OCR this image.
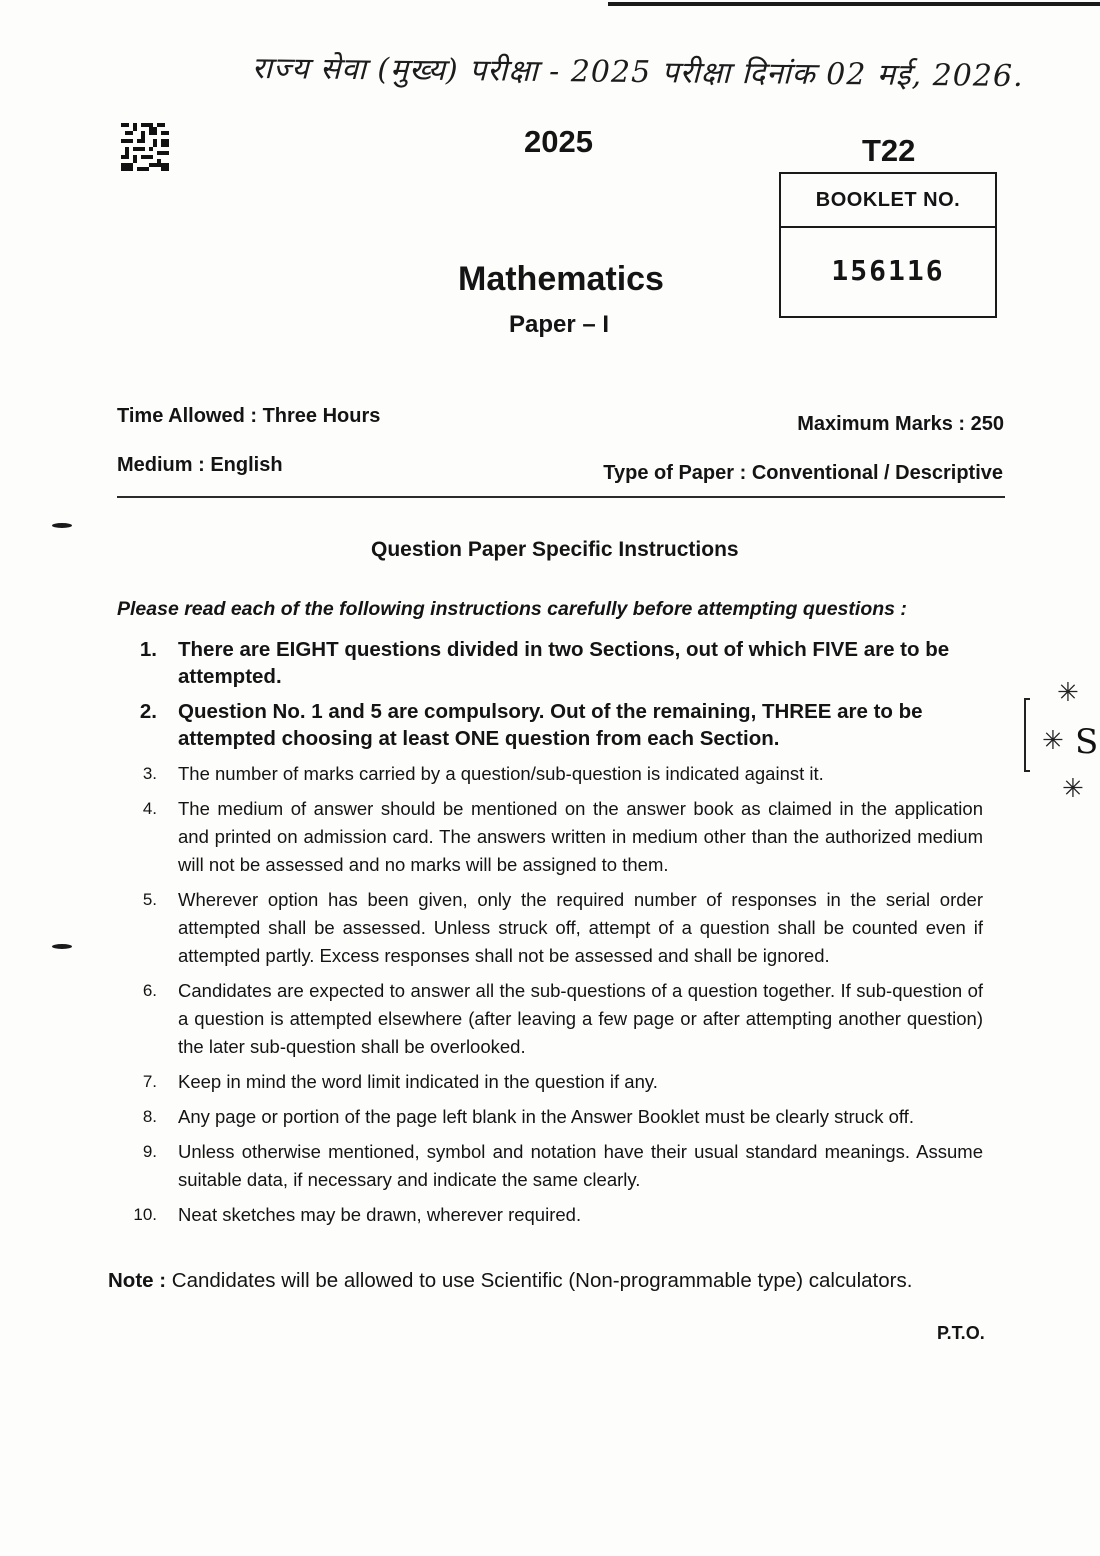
राज्य सेवा (मुख्य) परीक्षा - 2025 परीक्षा दिनांक 02 मई, 2026.
2025	T22
BOOKLET NO.
156116
Mathematics
Paper – I
Time Allowed : Three Hours	Maximum Marks : 250
Medium : English	Type of Paper : Conventional / Descriptive
Question Paper Specific Instructions
Please read each of the following instructions carefully before attempting questions :
1. There are EIGHT questions divided in two Sections, out of which FIVE are to be attempted.
2. Question No. 1 and 5 are compulsory. Out of the remaining, THREE are to be attempted choosing at least ONE question from each Section.
3. The number of marks carried by a question/sub-question is indicated against it.
4. The medium of answer should be mentioned on the answer book as claimed in the application and printed on admission card. The answers written in medium other than the authorized medium will not be assessed and no marks will be assigned to them.
5. Wherever option has been given, only the required number of responses in the serial order attempted shall be assessed. Unless struck off, attempt of a question shall be counted even if attempted partly. Excess responses shall not be assessed and shall be ignored.
6. Candidates are expected to answer all the sub-questions of a question together. If sub-question of a question is attempted elsewhere (after leaving a few page or after attempting another question) the later sub-question shall be overlooked.
7. Keep in mind the word limit indicated in the question if any.
8. Any page or portion of the page left blank in the Answer Booklet must be clearly struck off.
9. Unless otherwise mentioned, symbol and notation have their usual standard meanings. Assume suitable data, if necessary and indicate the same clearly.
10. Neat sketches may be drawn, wherever required.
Note : Candidates will be allowed to use Scientific (Non-programmable type) calculators.
P.T.O.
✳
✳
✳
S
